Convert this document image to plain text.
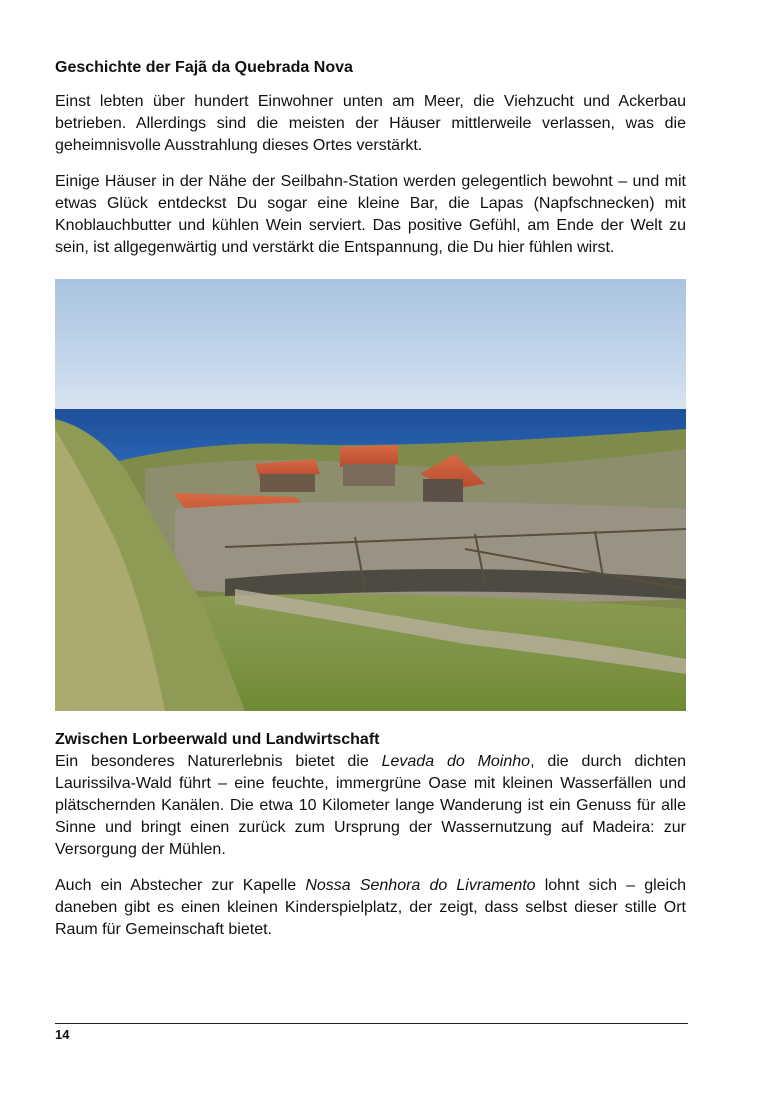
Geschichte der Fajã da Quebrada Nova

Einst lebten über hundert Einwohner unten am Meer, die Viehzucht und Ackerbau betrieben. Allerdings sind die meisten der Häuser mittlerweile verlassen, was die geheimnisvolle Ausstrahlung dieses Ortes verstärkt.

Einige Häuser in der Nähe der Seilbahn-Station werden gelegentlich bewohnt – und mit etwas Glück entdeckst Du sogar eine kleine Bar, die Lapas (Napfschnecken) mit Knoblauchbutter und kühlen Wein serviert. Das positive Gefühl, am Ende der Welt zu sein, ist allgegenwärtig und verstärkt die Entspannung, die Du hier fühlen wirst.

Zwischen Lorbeerwald und Landwirtschaft

Ein besonderes Naturerlebnis bietet die Levada do Moinho, die durch dichten Laurissilva-Wald führt – eine feuchte, immergrüne Oase mit kleinen Wasserfällen und plätschernden Kanälen. Die etwa 10 Kilometer lange Wanderung ist ein Genuss für alle Sinne und bringt einen zurück zum Ursprung der Wassernutzung auf Madeira: zur Versorgung der Mühlen.

Auch ein Abstecher zur Kapelle Nossa Senhora do Livramento lohnt sich – gleich daneben gibt es einen kleinen Kinderspielplatz, der zeigt, dass selbst dieser stille Ort Raum für Gemeinschaft bietet.

14
